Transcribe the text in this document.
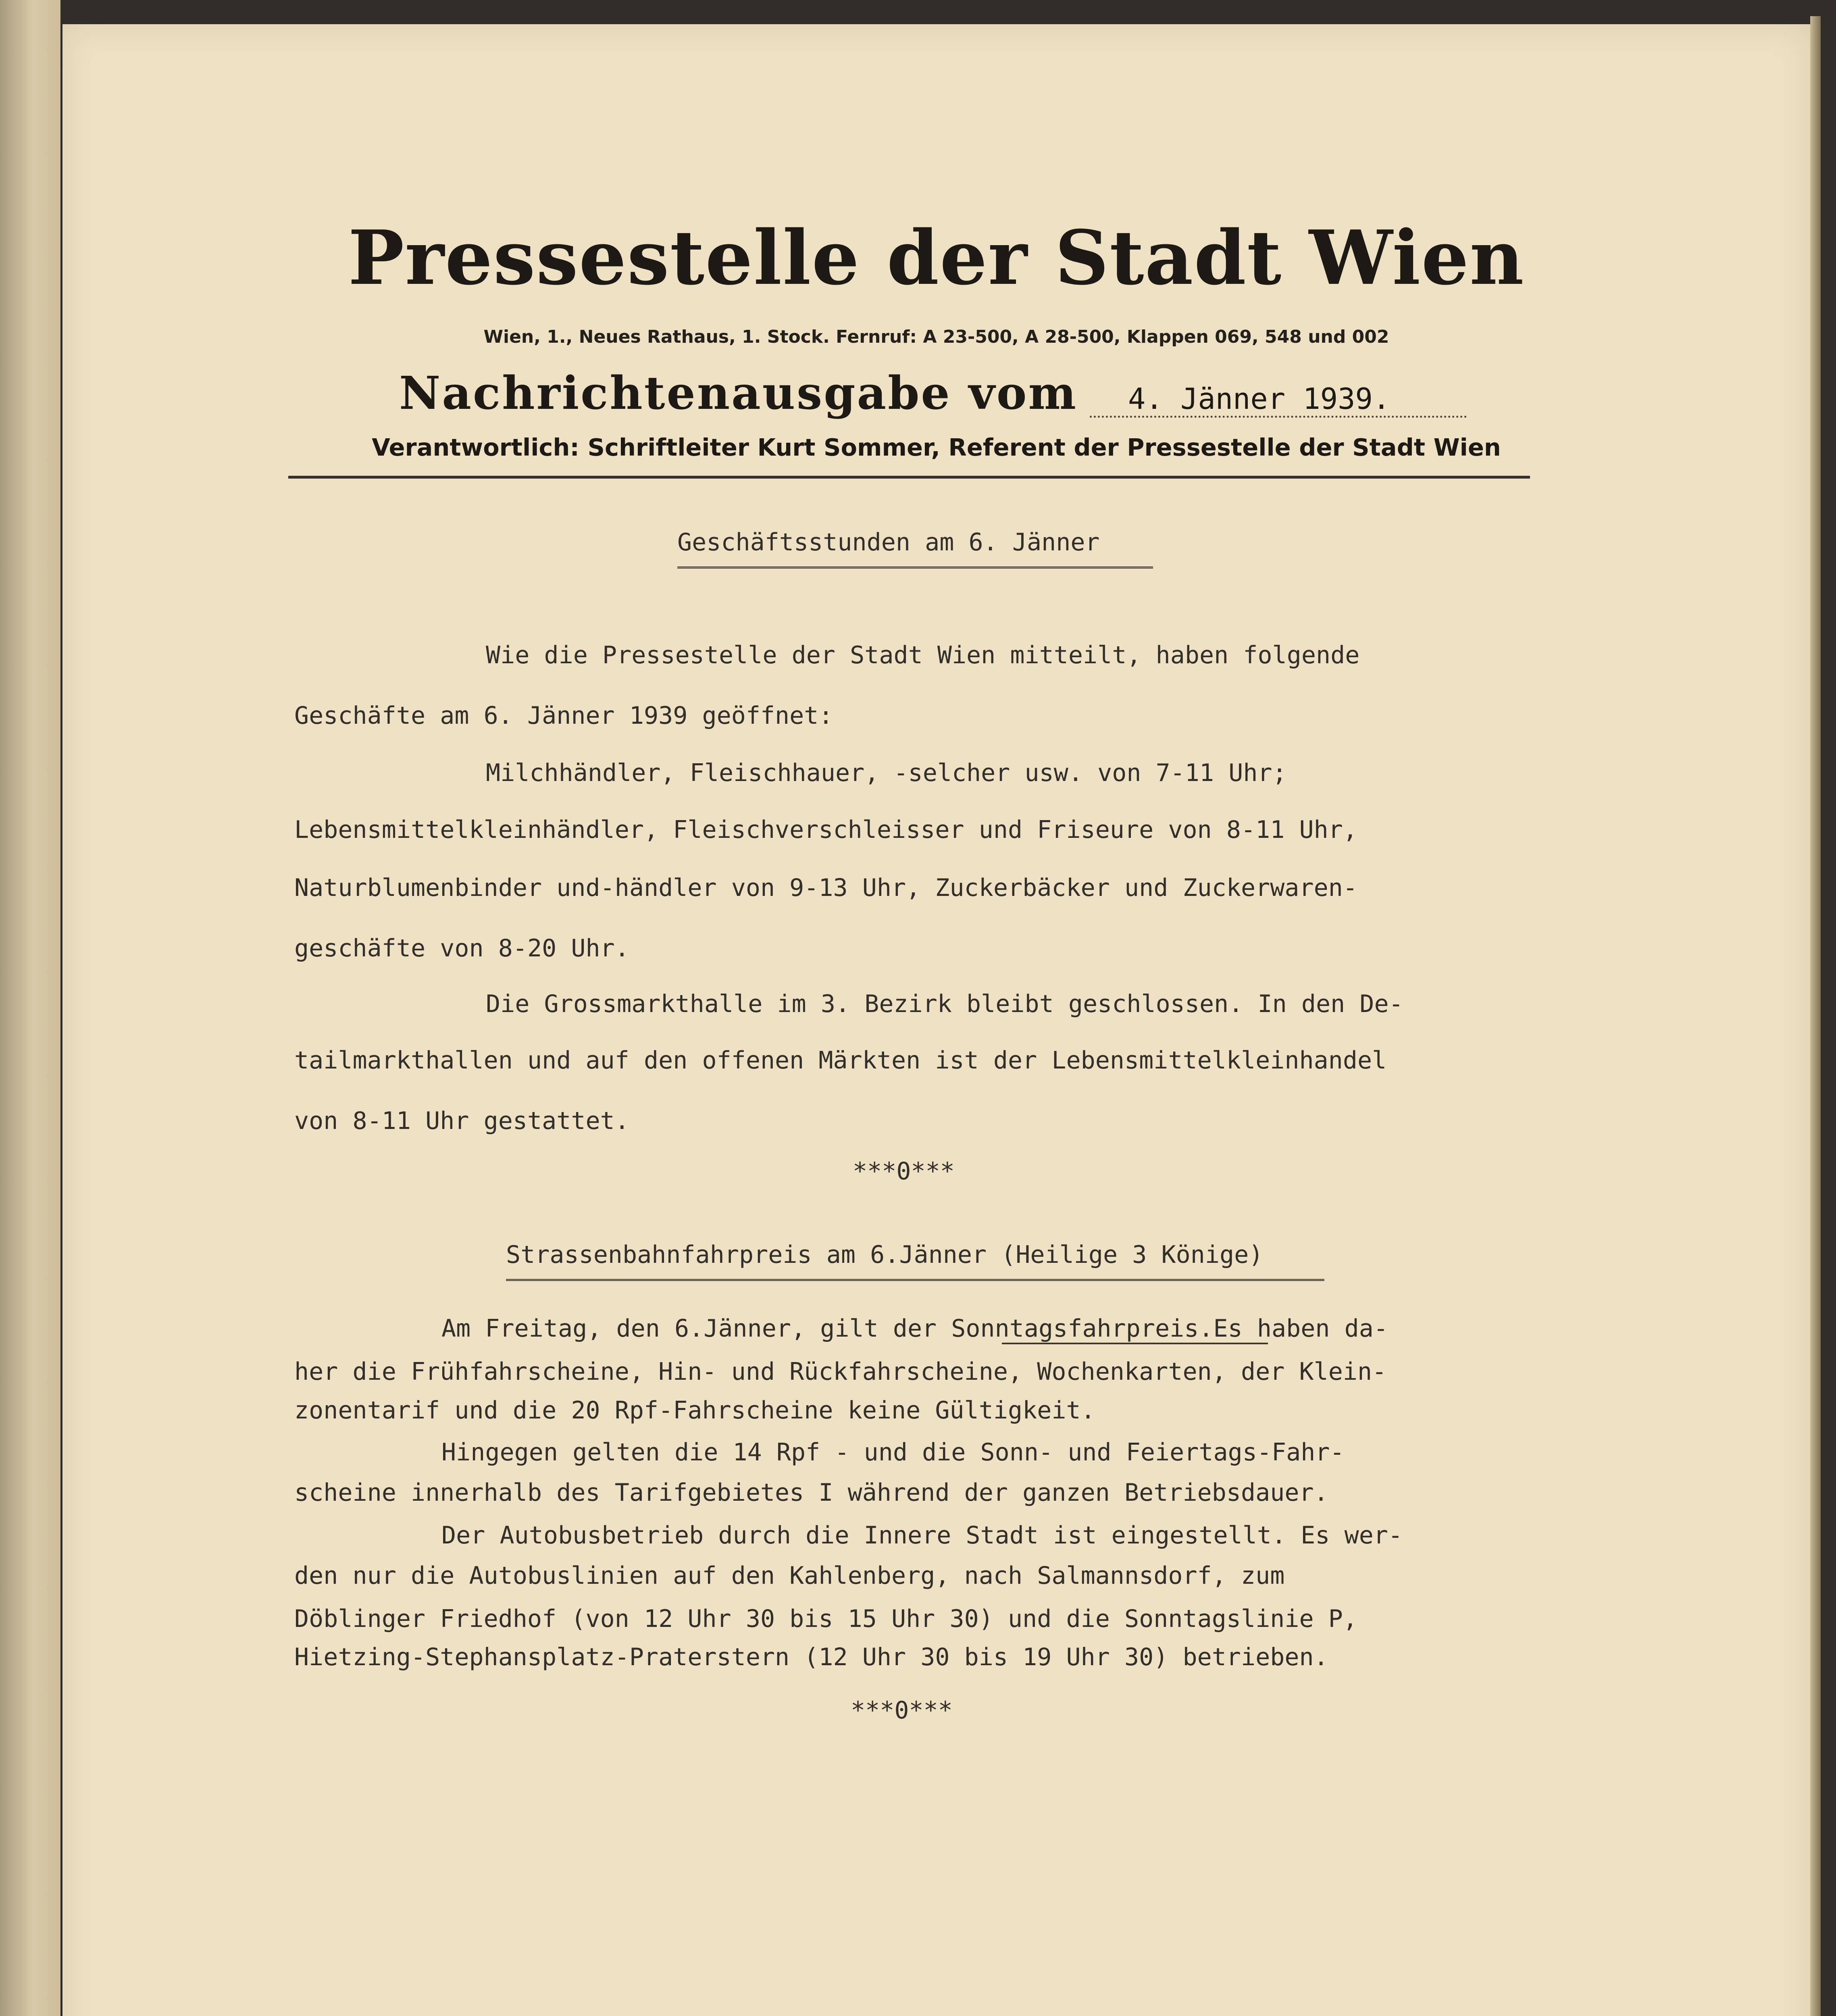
Pressestelle der Stadt Wien
Wien, 1., Neues Rathaus, 1. Stock. Fernruf: A 23-500, A 28-500, Klappen 069, 548 und 002
Nachrichtenausgabe vom 4. Jänner 1939.
Verantwortlich: Schriftleiter Kurt Sommer, Referent der Pressestelle der Stadt Wien
Geschäftsstunden am 6. Jänner
Wie die Pressestelle der Stadt Wien mitteilt, haben folgende
Geschäfte am 6. Jänner 1939 geöffnet:
Milchhändler, Fleischhauer, -selcher usw. von 7-11 Uhr;
Lebensmittelkleinhändler, Fleischverschleisser und Friseure von 8-11 Uhr,
Naturblumenbinder und-händler von 9-13 Uhr, Zuckerbäcker und Zuckerwaren-
geschäfte von 8-20 Uhr.
Die Grossmarkthalle im 3. Bezirk bleibt geschlossen. In den De-
tailmarkthallen und auf den offenen Märkten ist der Lebensmittelkleinhandel
von 8-11 Uhr gestattet.
***0***
Strassenbahnfahrpreis am 6.Jänner (Heilige 3 Könige)
Am Freitag, den 6.Jänner, gilt der Sonntagsfahrpreis.Es haben da-
her die Frühfahrscheine, Hin- und Rückfahrscheine, Wochenkarten, der Klein-
zonentarif und die 20 Rpf-Fahrscheine keine Gültigkeit.
Hingegen gelten die 14 Rpf - und die Sonn- und Feiertags-Fahr-
scheine innerhalb des Tarifgebietes I während der ganzen Betriebsdauer.
Der Autobusbetrieb durch die Innere Stadt ist eingestellt. Es wer-
den nur die Autobuslinien auf den Kahlenberg, nach Salmannsdorf, zum
Döblinger Friedhof (von 12 Uhr 30 bis 15 Uhr 30) und die Sonntagslinie P,
Hietzing-Stephansplatz-Praterstern (12 Uhr 30 bis 19 Uhr 30) betrieben.
***0***
